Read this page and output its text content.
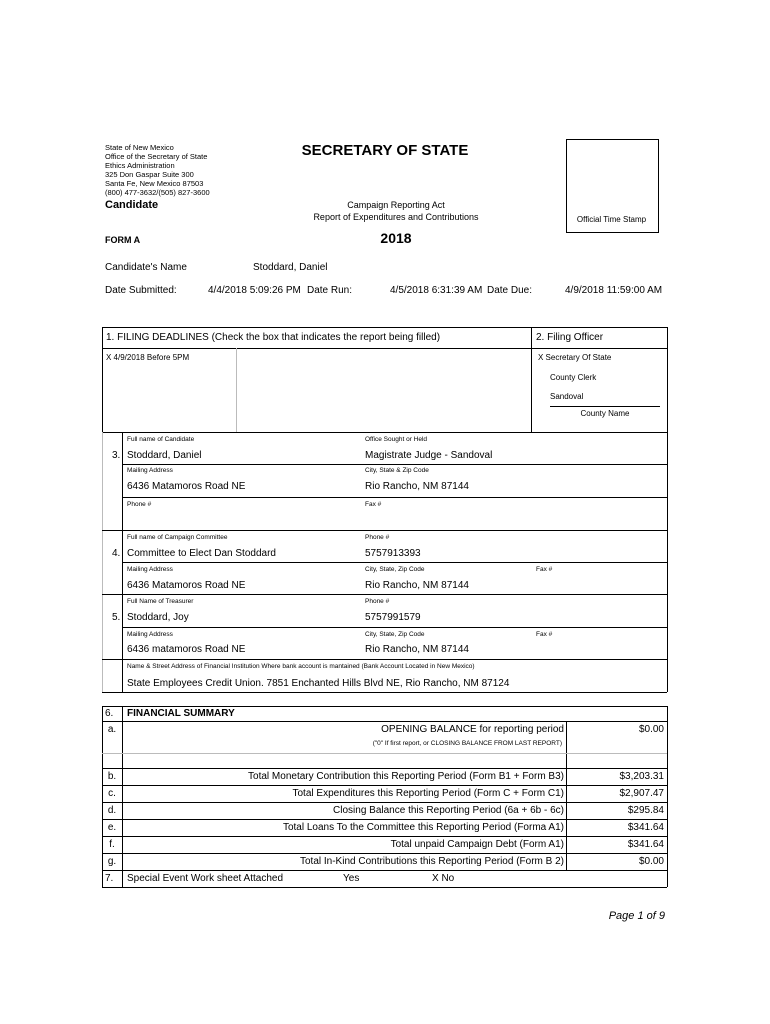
State of New Mexico
Office of the Secretary of State
Ethics Administration
325 Don Gaspar Suite 300
Santa Fe, New Mexico 87503
(800) 477-3632/(505) 827-3600
SECRETARY OF STATE
Official Time Stamp
Candidate	Campaign Reporting Act
Report of Expenditures and Contributions
2018
FORM A
Candidate's Name	Stoddard, Daniel
Date Submitted:	4/4/2018 5:09:26 PM Date Run:	4/5/2018 6:31:39 AM Date Due:	4/9/2018 11:59:00 AM
1. FILING DEADLINES (Check the box that indicates the report being filled)	2. Filing Officer
X 4/9/2018 Before 5PM	X Secretary Of State
County Clerk
Sandoval
County Name
3.
Full name of Candidate
Stoddard, Daniel
Office Sought or Held
Magistrate Judge - Sandoval
Mailing Address
6436 Matamoros Road NE
City, State & Zip Code
Rio Rancho, NM 87144
Phone #	Fax #
4.
Full name of Campaign Committee
Committee to Elect Dan Stoddard
Phone #
5757913393
Mailing Address
6436 Matamoros Road NE
City, State, Zip Code
Rio Rancho, NM 87144
Fax #
5.
Full Name of Treasurer
Stoddard, Joy
Phone #
5757991579
Mailing Address
6436 matamoros Road NE
City, State, Zip Code
Rio Rancho, NM 87144
Fax #
Name & Street Address of Financial Institution Where bank account is mantained (Bank Account Located in New Mexico)
State Employees Credit Union. 7851 Enchanted Hills Blvd NE, Rio Rancho, NM 87124
6. FINANCIAL SUMMARY
a.	OPENING BALANCE for reporting period	$0.00
("0" If first report, or CLOSING BALANCE FROM LAST REPORT)
b.	Total Monetary Contribution this Reporting Period (Form B1 + Form B3)	$3,203.31
c.	Total Expenditures this Reporting Period (Form C + Form C1)	$2,907.47
d.	Closing Balance this Reporting Period (6a + 6b - 6c)	$295.84
e.	Total Loans To the Committee this Reporting Period (Forma A1)	$341.64
f.	Total unpaid Campaign Debt (Form A1)	$341.64
g.	Total In-Kind Contributions this Reporting Period (Form B 2)	$0.00
7. Special Event Work sheet Attached	Yes	X No
Page 1 of 9
